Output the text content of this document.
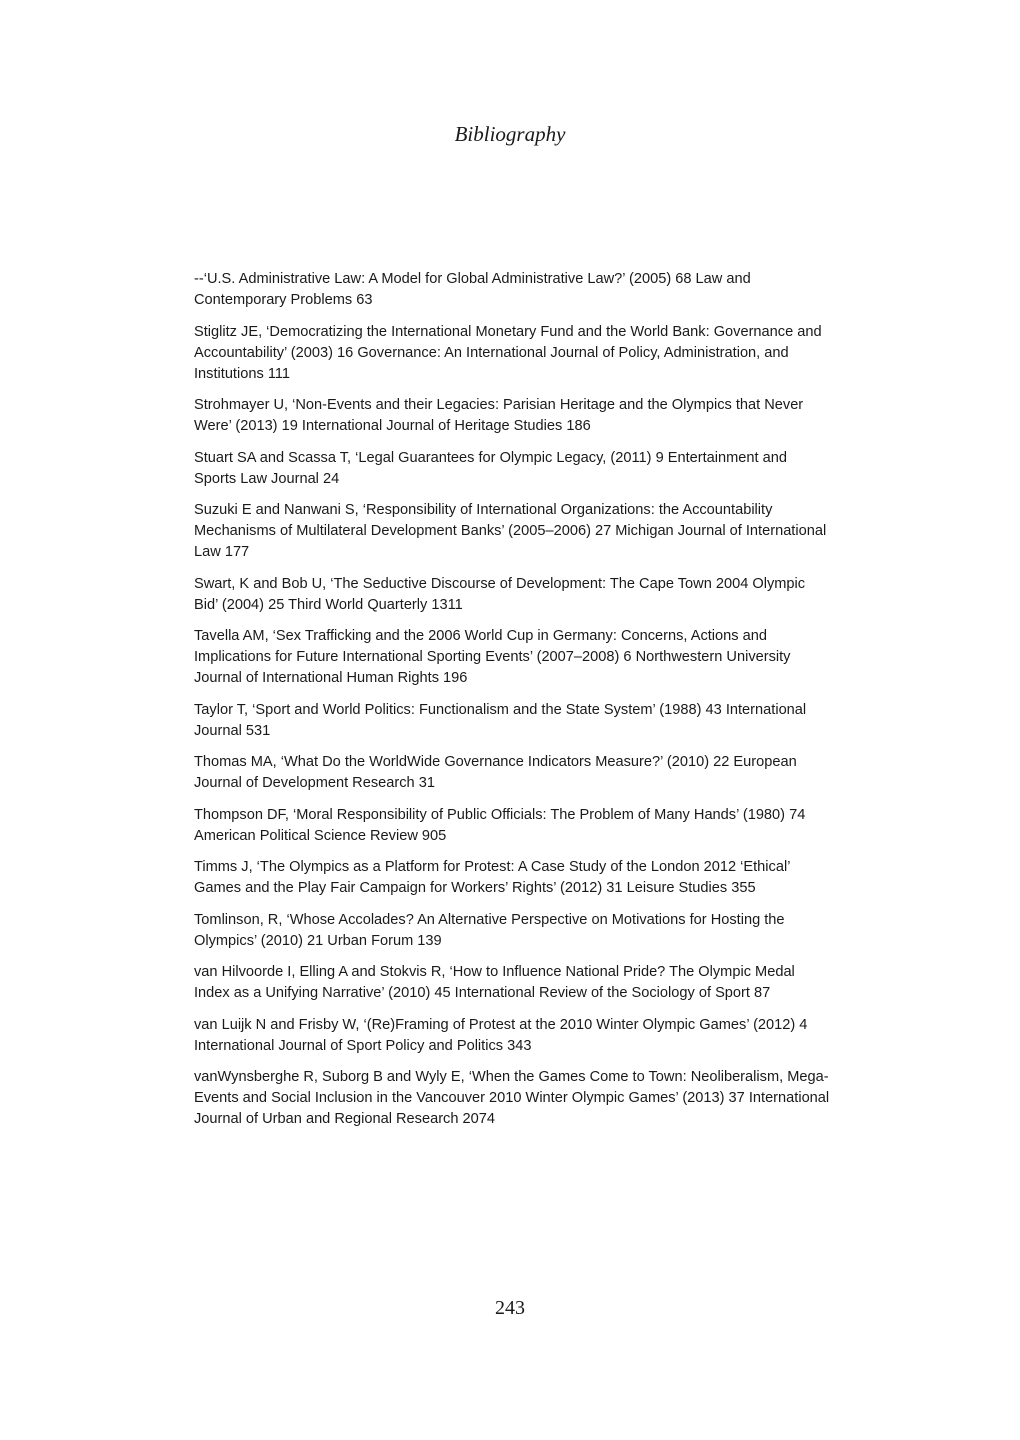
Bibliography
--‘U.S. Administrative Law: A Model for Global Administrative Law?’ (2005) 68 Law and Contemporary Problems 63
Stiglitz JE, ‘Democratizing the International Monetary Fund and the World Bank: Governance and Accountability’ (2003) 16 Governance: An International Journal of Policy, Administration, and Institutions 111
Strohmayer U, ‘Non-Events and their Legacies: Parisian Heritage and the Olympics that Never Were’ (2013) 19 International Journal of Heritage Studies 186
Stuart SA and Scassa T, ‘Legal Guarantees for Olympic Legacy, (2011) 9 Entertainment and Sports Law Journal 24
Suzuki E and Nanwani S, ‘Responsibility of International Organizations: the Accountability Mechanisms of Multilateral Development Banks’ (2005–2006) 27 Michigan Journal of International Law 177
Swart, K and Bob U, ‘The Seductive Discourse of Development: The Cape Town 2004 Olympic Bid’ (2004) 25 Third World Quarterly 1311
Tavella AM, ‘Sex Trafficking and the 2006 World Cup in Germany: Concerns, Actions and Implications for Future International Sporting Events’ (2007–2008) 6 Northwestern University Journal of International Human Rights 196
Taylor T, ‘Sport and World Politics: Functionalism and the State System’ (1988) 43 International Journal 531
Thomas MA, ‘What Do the WorldWide Governance Indicators Measure?’ (2010) 22 European Journal of Development Research 31
Thompson DF, ‘Moral Responsibility of Public Officials: The Problem of Many Hands’ (1980) 74 American Political Science Review 905
Timms J, ‘The Olympics as a Platform for Protest: A Case Study of the London 2012 ‘Ethical’ Games and the Play Fair Campaign for Workers’ Rights’ (2012) 31 Leisure Studies 355
Tomlinson, R, ‘Whose Accolades? An Alternative Perspective on Motivations for Hosting the Olympics’ (2010) 21 Urban Forum 139
van Hilvoorde I, Elling A and Stokvis R, ‘How to Influence National Pride? The Olympic Medal Index as a Unifying Narrative’ (2010) 45 International Review of the Sociology of Sport 87
van Luijk N and Frisby W, ‘(Re)Framing of Protest at the 2010 Winter Olympic Games’ (2012) 4 International Journal of Sport Policy and Politics 343
vanWynsberghe R, Suborg B and Wyly E, ‘When the Games Come to Town: Neoliberalism, Mega-Events and Social Inclusion in the Vancouver 2010 Winter Olympic Games’ (2013) 37 International Journal of Urban and Regional Research 2074
243
